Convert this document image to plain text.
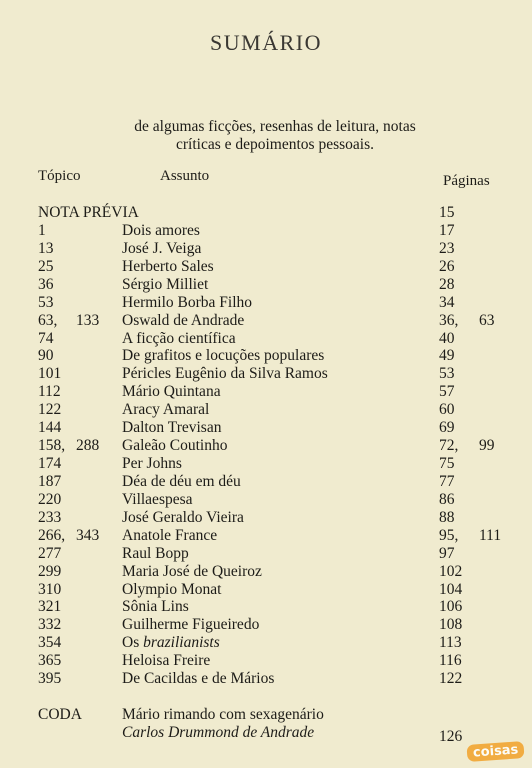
SUMÁRIO
de algumas ficções, resenhas de leitura, notas
críticas e depoimentos pessoais.
Tópico	Assunto	Páginas
NOTA PRÉVIA	15
1	Dois amores	17
13	José J. Veiga	23
25	Herberto Sales	26
36	Sérgio Milliet	28
53	Hermilo Borba Filho	34
63, 133 Oswald de Andrade	36, 63
74	A ficção científica	40
90	De grafitos e locuções populares	49
101	Péricles Eugênio da Silva Ramos	53
112	Mário Quintana	57
122	Aracy Amaral	60
144	Dalton Trevisan	69
158, 288 Galeão Coutinho	72, 99
174	Per Johns	75
187	Déa de déu em déu	77
220	Villaespesa	86
233	José Geraldo Vieira	88
266, 343 Anatole France	95, 111
277	Raul Bopp	97
299	Maria José de Queiroz	102
310	Olympio Monat	104
321	Sônia Lins	106
332	Guilherme Figueiredo	108
354	Os brazilianists	113
365	Heloisa Freire	116
395	De Cacildas e de Mários	122
CODA	Mário rimando com sexagenário
Carlos Drummond de Andrade	126
coisas
